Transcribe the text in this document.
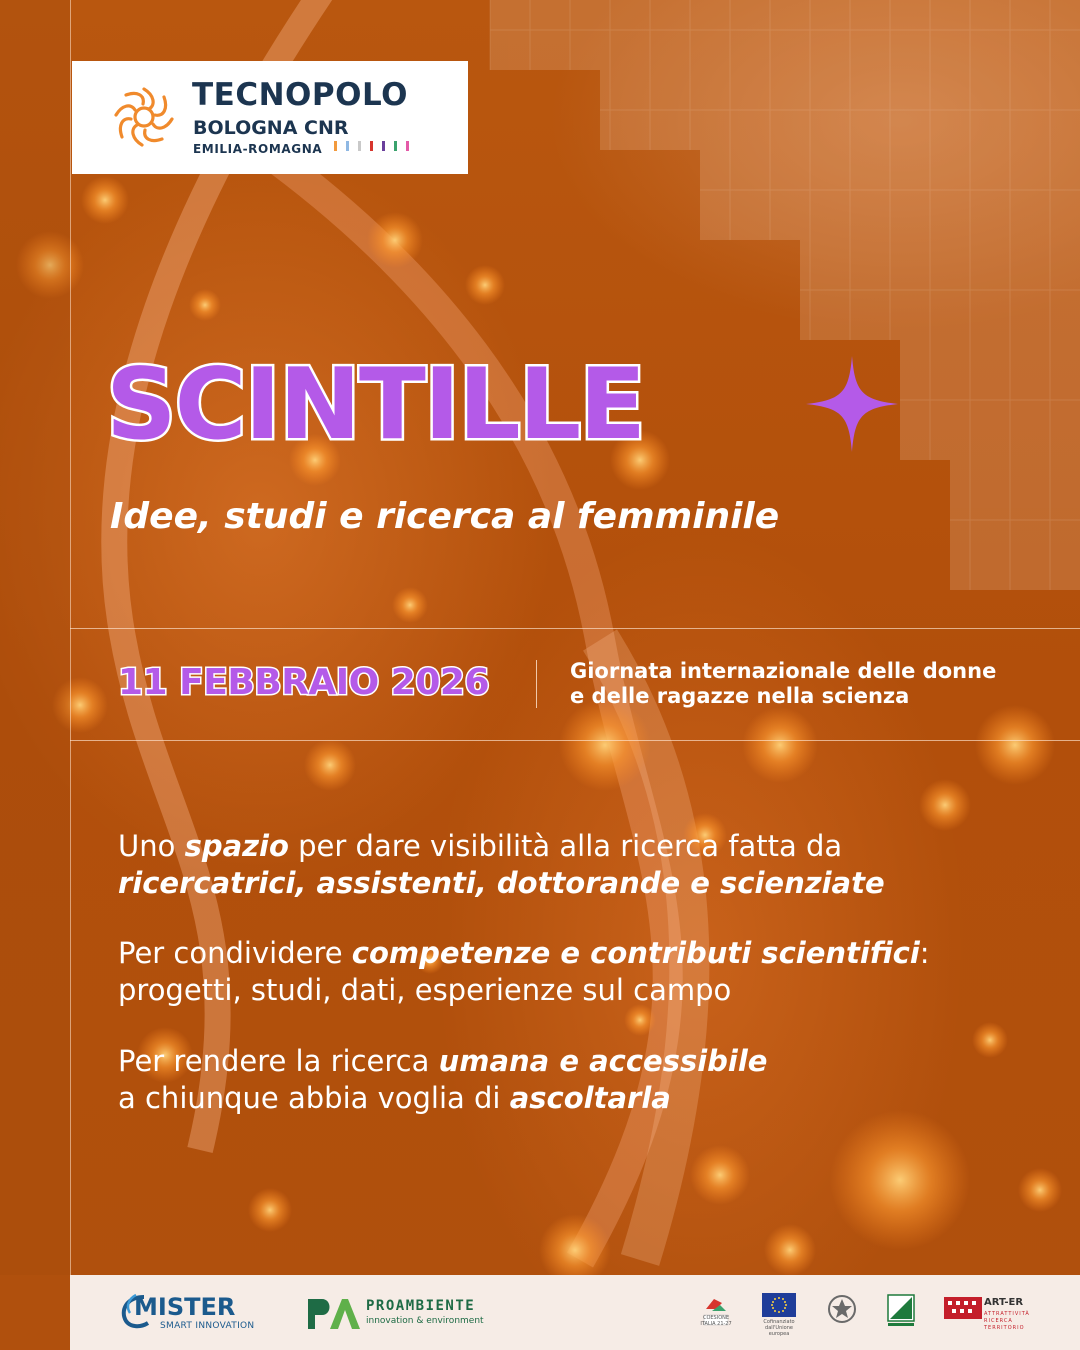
TECNOPOLO
BOLOGNA CNR
EMILIA-ROMAGNA
SCINTILLE
Idee, studi e ricerca al femminile
11 FEBBRAIO 2026	Giornata internazionale delle donne
e delle ragazze nella scienza
Uno spazio per dare visibilità alla ricerca fatta da
ricercatrici, assistenti, dottorande e scienziate
Per condividere competenze e contributi scientifici:
progetti, studi, dati, esperienze sul campo
Per rendere la ricerca umana e accessibile
a chiunque abbia voglia di ascoltarla
MISTER
SMART INNOVATION
PROAMBIENTE
innovation & environment	COESIONE ITALIA 21-27	Cofinanziato dall'Unione europea
ART-ER
ATTRATTIVITÀ RICERCA TERRITORIO
